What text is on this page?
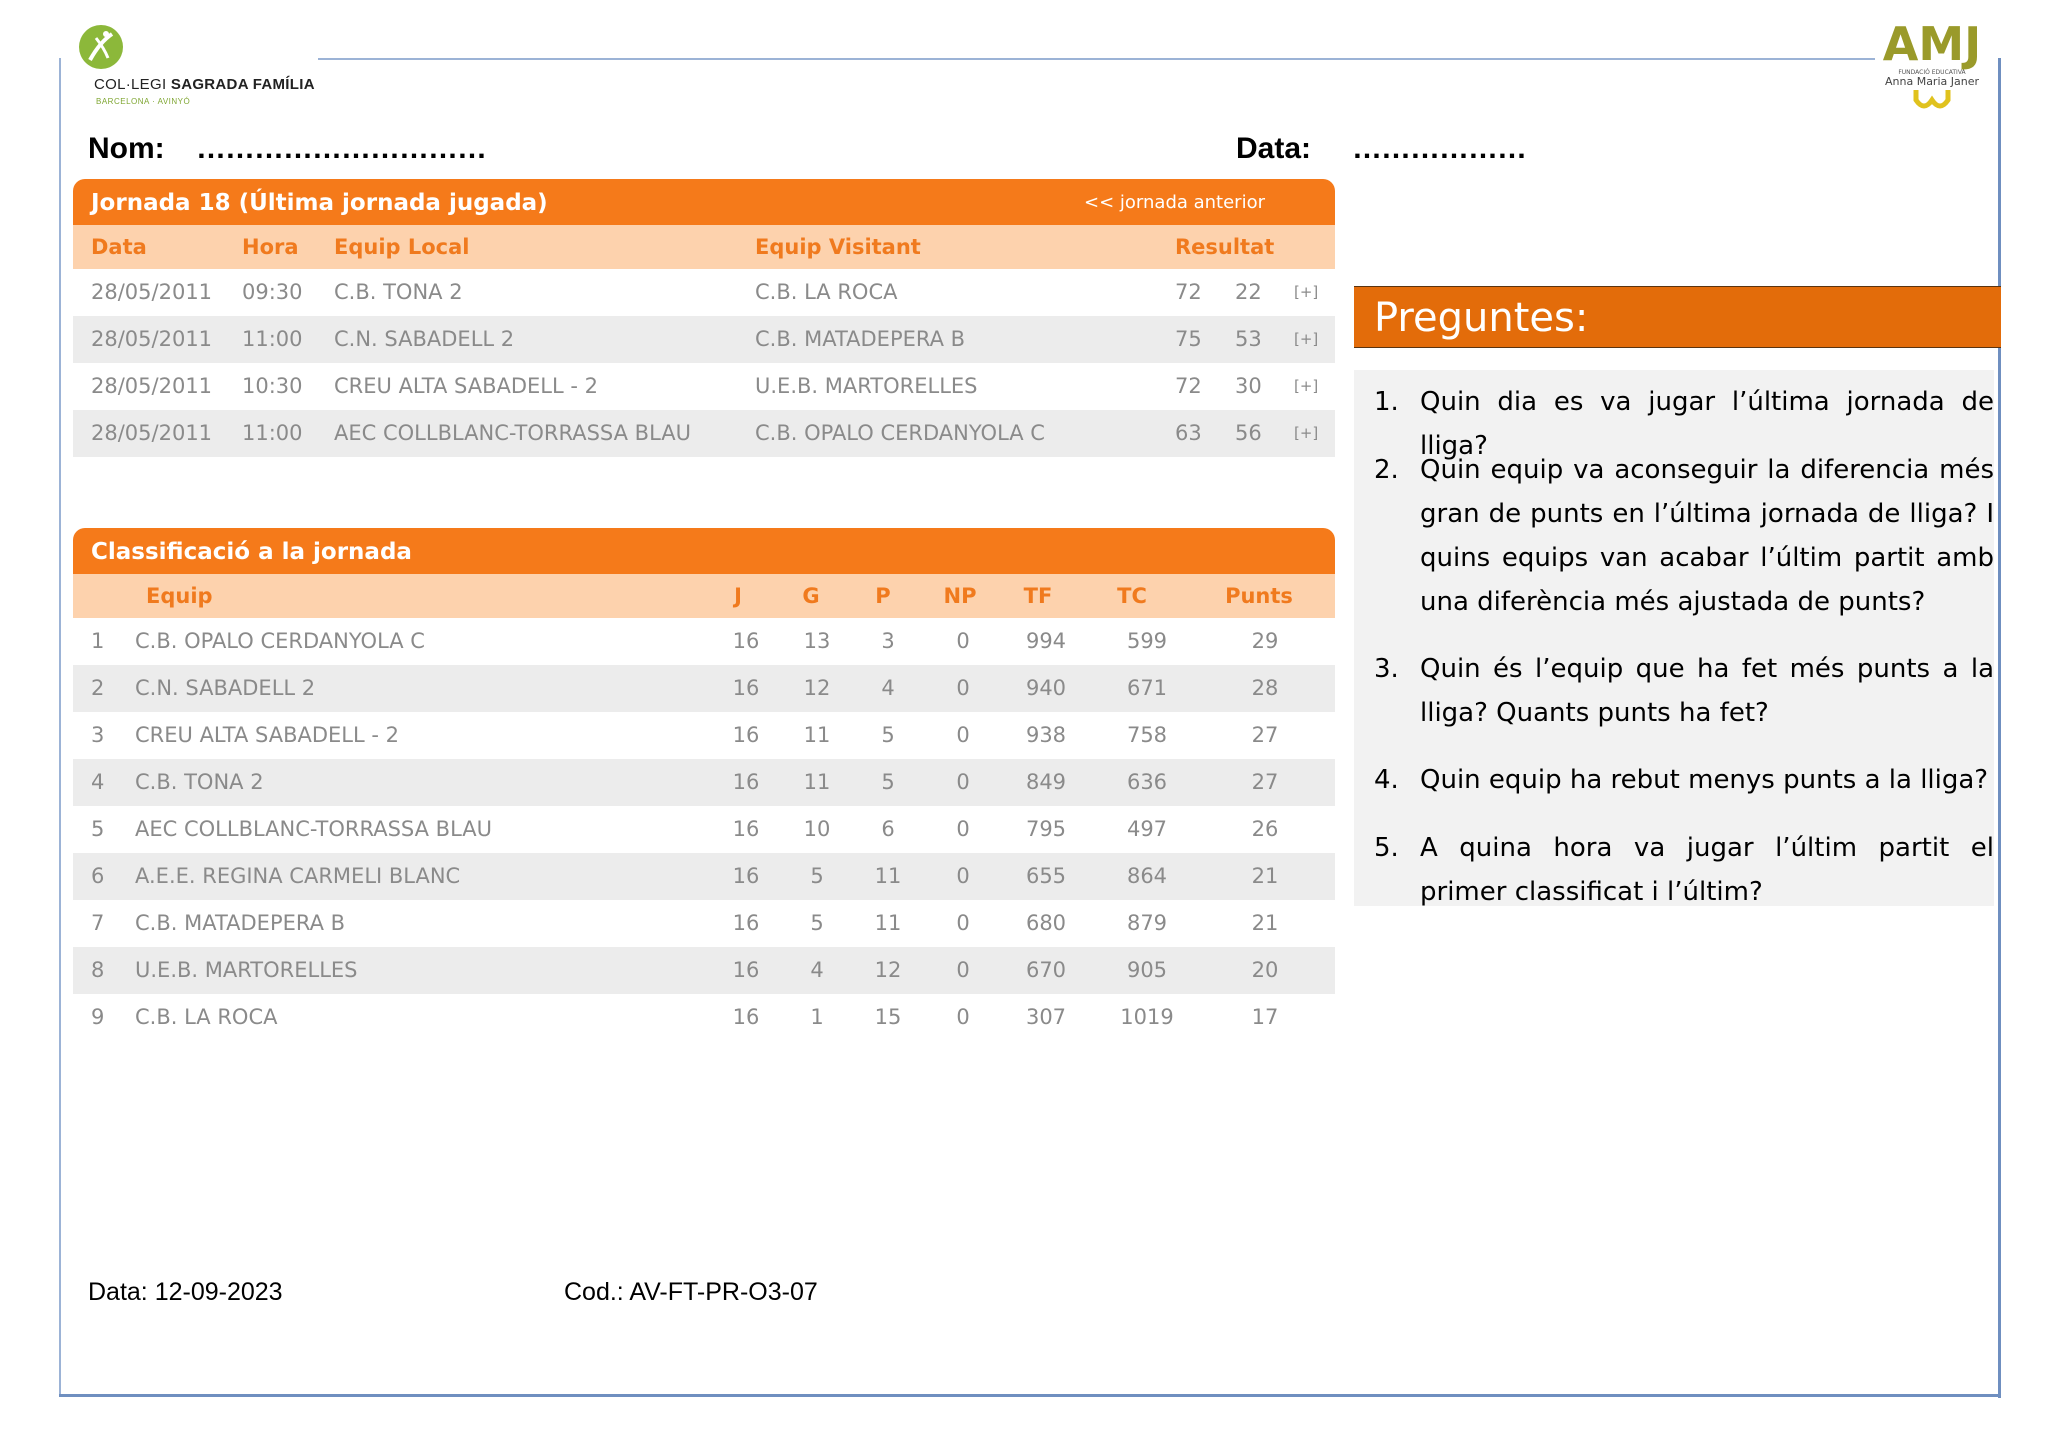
COL·LEGI SAGRADA FAMÍLIA
BARCELONA · AVINYÓ
AMJ
FUNDACIÓ EDUCATIVA
Anna Maria Janer
Nom: …………………………	Data: ………………
Jornada 18 (Última jornada jugada)	<< jornada anterior
Data	Hora Equip Local	Equip Visitant	Resultat
28/05/2011 09:30 C.B. TONA 2	C.B. LA ROCA	72 22 [+]
28/05/2011 11:00 C.N. SABADELL 2	C.B. MATADEPERA B	75 53 [+]
28/05/2011 10:30 CREU ALTA SABADELL - 2	U.E.B. MARTORELLES	72 30 [+]
28/05/2011 11:00 AEC COLLBLANC-TORRASSA BLAU	C.B. OPALO CERDANYOLA C	63 56 [+]
Classificació a la jornada
Equip	J	G	P	NP	TF	TC	Punts
1 C.B. OPALO CERDANYOLA C	16	13	3	0	994	599	29
2 C.N. SABADELL 2	16	12	4	0	940	671	28
3 CREU ALTA SABADELL - 2	16	11	5	0	938	758	27
4 C.B. TONA 2	16	11	5	0	849	636	27
5 AEC COLLBLANC-TORRASSA BLAU	16	10	6	0	795	497	26
6 A.E.E. REGINA CARMELI BLANC	16	5	11	0	655	864	21
7 C.B. MATADEPERA B	16	5	11	0	680	879	21
8 U.E.B. MARTORELLES	16	4	12	0	670	905	20
9 C.B. LA ROCA	16	1	15	0	307	1019	17
Preguntes:
1. Quin dia es va jugar l’última jornada de lliga?
2. Quin equip va aconseguir la diferencia més gran de punts en l’última jornada de lliga? I quins equips van acabar l’últim partit amb una diferència més ajustada de punts?
3. Quin és l’equip que ha fet més punts a la lliga? Quants punts ha fet?
4. Quin equip ha rebut menys punts a la lliga?
5. A quina hora va jugar l’últim partit el primer classificat i l’últim?
Data: 12-09-2023	Cod.: AV-FT-PR-O3-07
